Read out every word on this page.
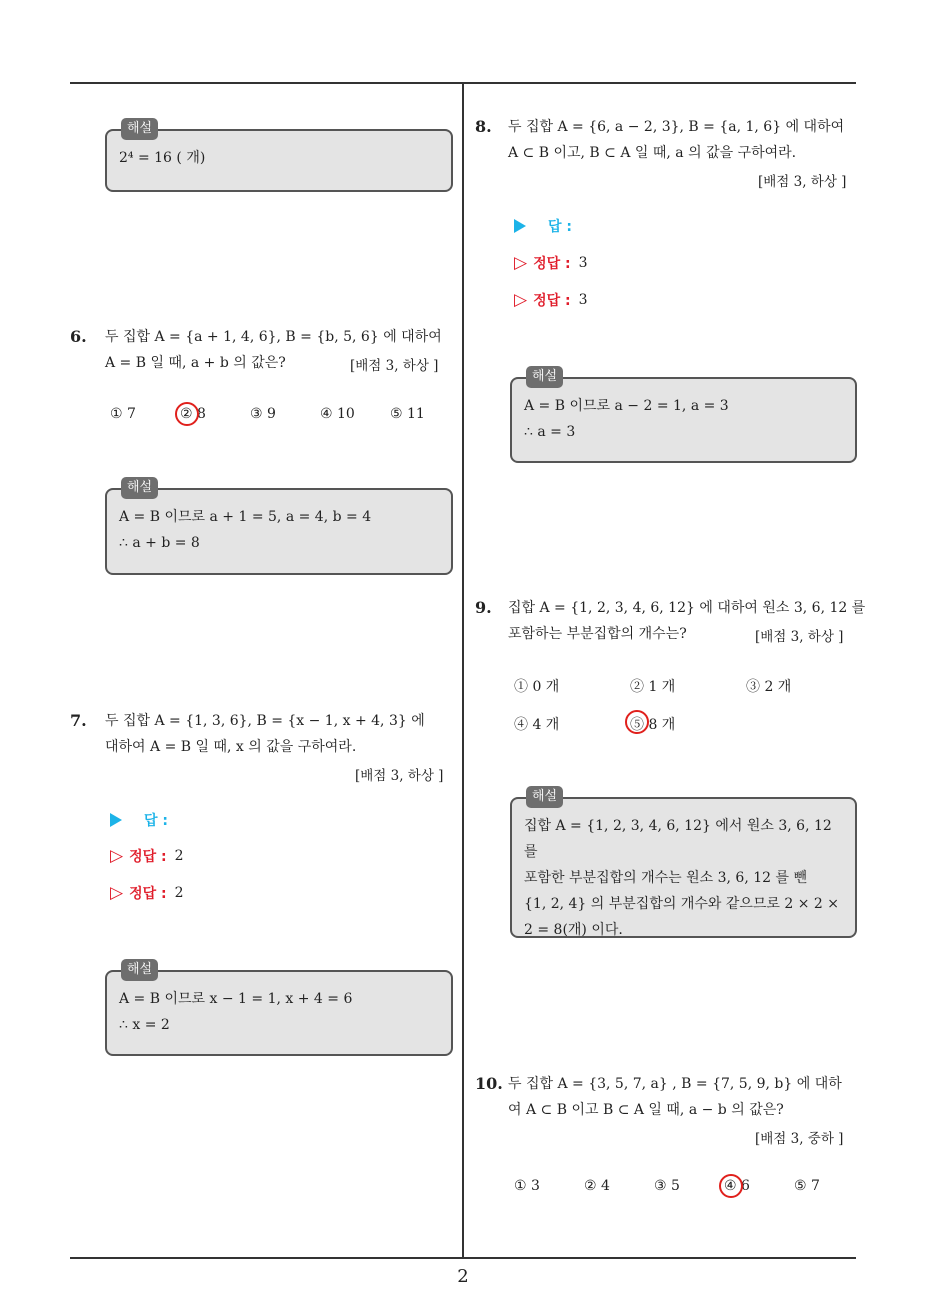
해설
2⁴ = 16 ( 개)
6. 두 집합 A = {a + 1, 4, 6}, B = {b, 5, 6} 에 대하여
A = B 일 때, a + b 의 값은?	[배점 3, 하상 ]
① 7	② 8	③ 9	④ 10	⑤ 11
해설
A = B 이므로 a + 1 = 5, a = 4, b = 4
∴ a + b = 8
7. 두 집합 A = {1, 3, 6}, B = {x − 1, x + 4, 3} 에
대하여 A = B 일 때, x 의 값을 구하여라.
[배점 3, 하상 ]
답 :
▷ 정답 : 2
▷ 정답 : 2
해설
A = B 이므로 x − 1 = 1, x + 4 = 6
∴ x = 2
8. 두 집합 A = {6, a − 2, 3}, B = {a, 1, 6} 에 대하여
A ⊂ B 이고, B ⊂ A 일 때, a 의 값을 구하여라.
[배점 3, 하상 ]
답 :
▷ 정답 : 3
▷ 정답 : 3
해설
A = B 이므로 a − 2 = 1, a = 3
∴ a = 3
9. 집합 A = {1, 2, 3, 4, 6, 12} 에 대하여 원소 3, 6, 12 를
포함하는 부분집합의 개수는?	[배점 3, 하상 ]
① 0 개	② 1 개	③ 2 개
④ 4 개	⑤ 8 개
해설
집합 A = {1, 2, 3, 4, 6, 12} 에서 원소 3, 6, 12 를
포함한 부분집합의 개수는 원소 3, 6, 12 를 뺀
{1, 2, 4} 의 부분집합의 개수와 같으므로 2 × 2 ×
2 = 8(개) 이다.
10. 두 집합 A = {3, 5, 7, a} , B = {7, 5, 9, b} 에 대하
여 A ⊂ B 이고 B ⊂ A 일 때, a − b 의 값은?
[배점 3, 중하 ]
① 3	② 4	③ 5	④ 6	⑤ 7
2
